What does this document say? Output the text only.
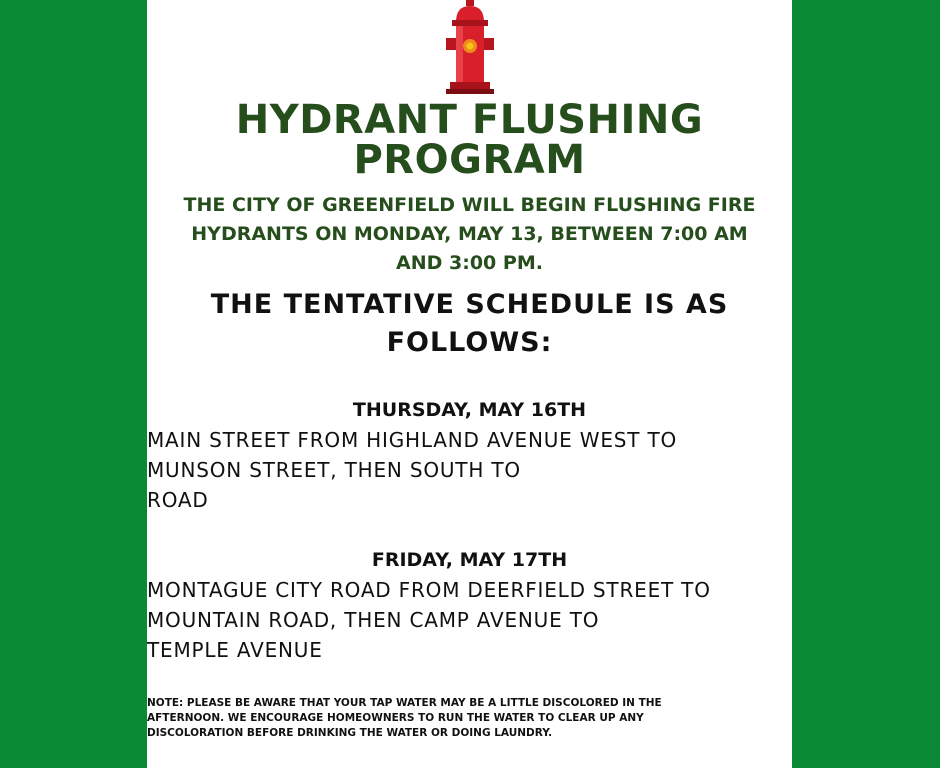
HYDRANT FLUSHING
PROGRAM
THE CITY OF GREENFIELD WILL BEGIN FLUSHING FIRE
HYDRANTS ON MONDAY, MAY 13, BETWEEN 7:00 AM
AND 3:00 PM.
THE TENTATIVE SCHEDULE IS AS
FOLLOWS:
THURSDAY, MAY 16TH
MAIN STREET FROM HIGHLAND AVENUE WEST TO
MUNSON STREET, THEN SOUTH TO
ROAD
FRIDAY, MAY 17TH
MONTAGUE CITY ROAD FROM DEERFIELD STREET TO
MOUNTAIN ROAD, THEN CAMP AVENUE TO
TEMPLE AVENUE
NOTE: PLEASE BE AWARE THAT YOUR TAP WATER MAY BE A LITTLE DISCOLORED IN THE
AFTERNOON. WE ENCOURAGE HOMEOWNERS TO RUN THE WATER TO CLEAR UP ANY
DISCOLORATION BEFORE DRINKING THE WATER OR DOING LAUNDRY.
